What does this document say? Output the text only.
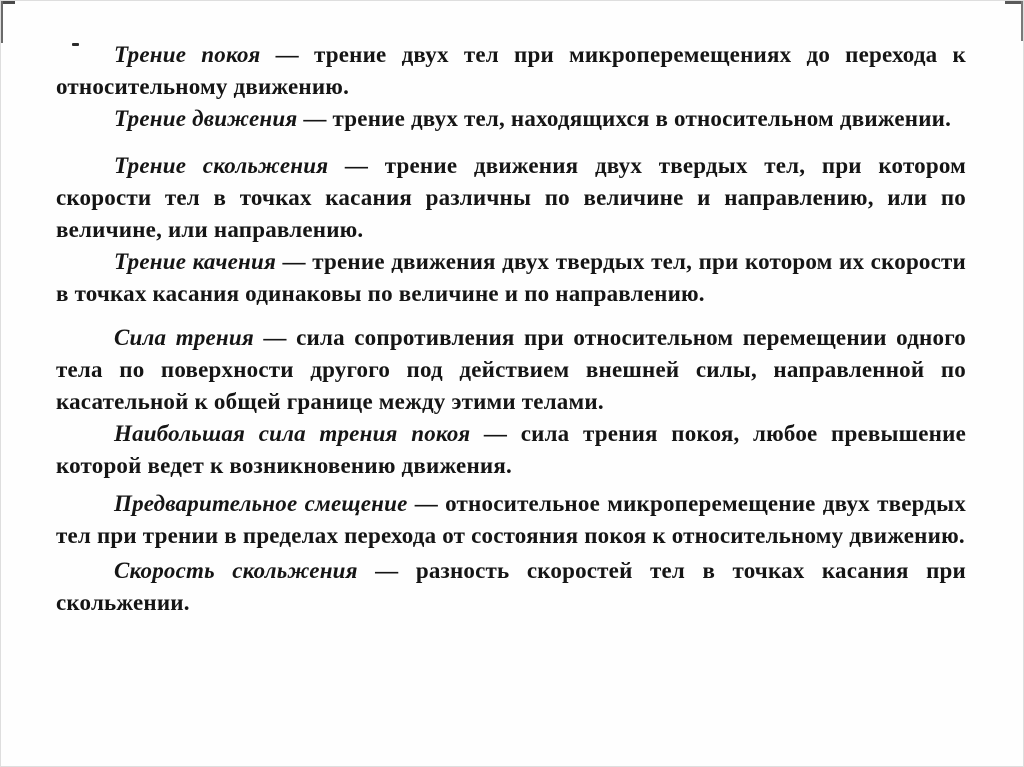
Трение покоя — трение двух тел при микроперемещениях до перехода к относительному движению.

Трение движения — трение двух тел, находящихся в относительном движении.

Трение скольжения — трение движения двух твердых тел, при котором скорости тел в точках касания различны по величине и направлению, или по величине, или направлению.

Трение качения — трение движения двух твердых тел, при котором их скорости в точках касания одинаковы по величине и по направлению.

Сила трения — сила сопротивления при относительном перемещении одного тела по поверхности другого под действием внешней силы, направленной по касательной к общей границе между этими телами.

Наибольшая сила трения покоя — сила трения покоя, любое превышение которой ведет к возникновению движения.

Предварительное смещение — относительное микроперемещение двух твердых тел при трении в пределах перехода от состояния покоя к относительному движению.

Скорость скольжения — разность скоростей тел в точках касания при скольжении.
